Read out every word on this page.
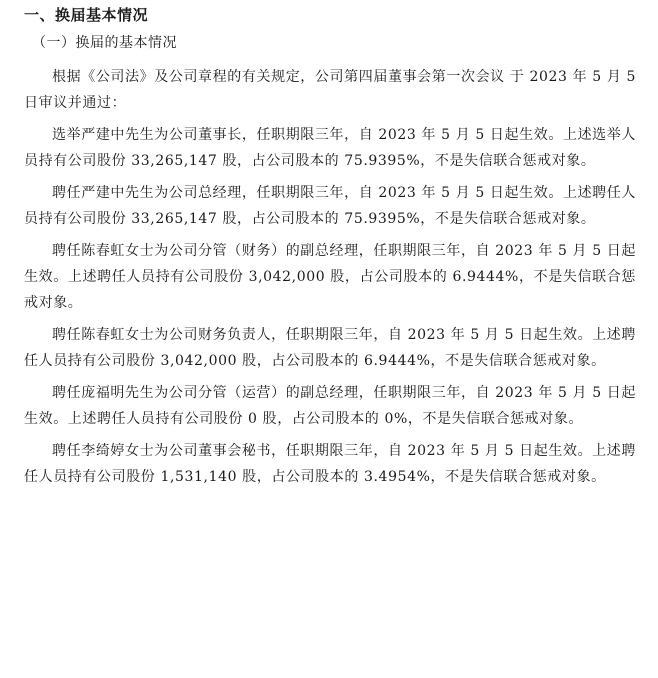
一、换届基本情况
（一）换届的基本情况

根据《公司法》及公司章程的有关规定，公司第四届董事会第一次会议 于 2023 年 5 月 5 日审议并通过：

选举严建中先生为公司董事长，任职期限三年，自 2023 年 5 月 5 日起生效。上述选举人员持有公司股份 33,265,147 股，占公司股本的 75.9395%，不是失信联合惩戒对象。

聘任严建中先生为公司总经理，任职期限三年，自 2023 年 5 月 5 日起生效。上述聘任人员持有公司股份 33,265,147 股，占公司股本的 75.9395%，不是失信联合惩戒对象。

聘任陈春虹女士为公司分管（财务）的副总经理，任职期限三年，自 2023 年 5 月 5 日起生效。上述聘任人员持有公司股份 3,042,000 股，占公司股本的 6.9444%，不是失信联合惩戒对象。

聘任陈春虹女士为公司财务负责人，任职期限三年，自 2023 年 5 月 5 日起生效。上述聘任人员持有公司股份 3,042,000 股，占公司股本的 6.9444%，不是失信联合惩戒对象。

聘任庞福明先生为公司分管（运营）的副总经理，任职期限三年，自 2023 年 5 月 5 日起生效。上述聘任人员持有公司股份 0 股，占公司股本的 0%，不是失信联合惩戒对象。

聘任李绮婷女士为公司董事会秘书，任职期限三年，自 2023 年 5 月 5 日起生效。上述聘任人员持有公司股份 1,531,140 股，占公司股本的 3.4954%，不是失信联合惩戒对象。
